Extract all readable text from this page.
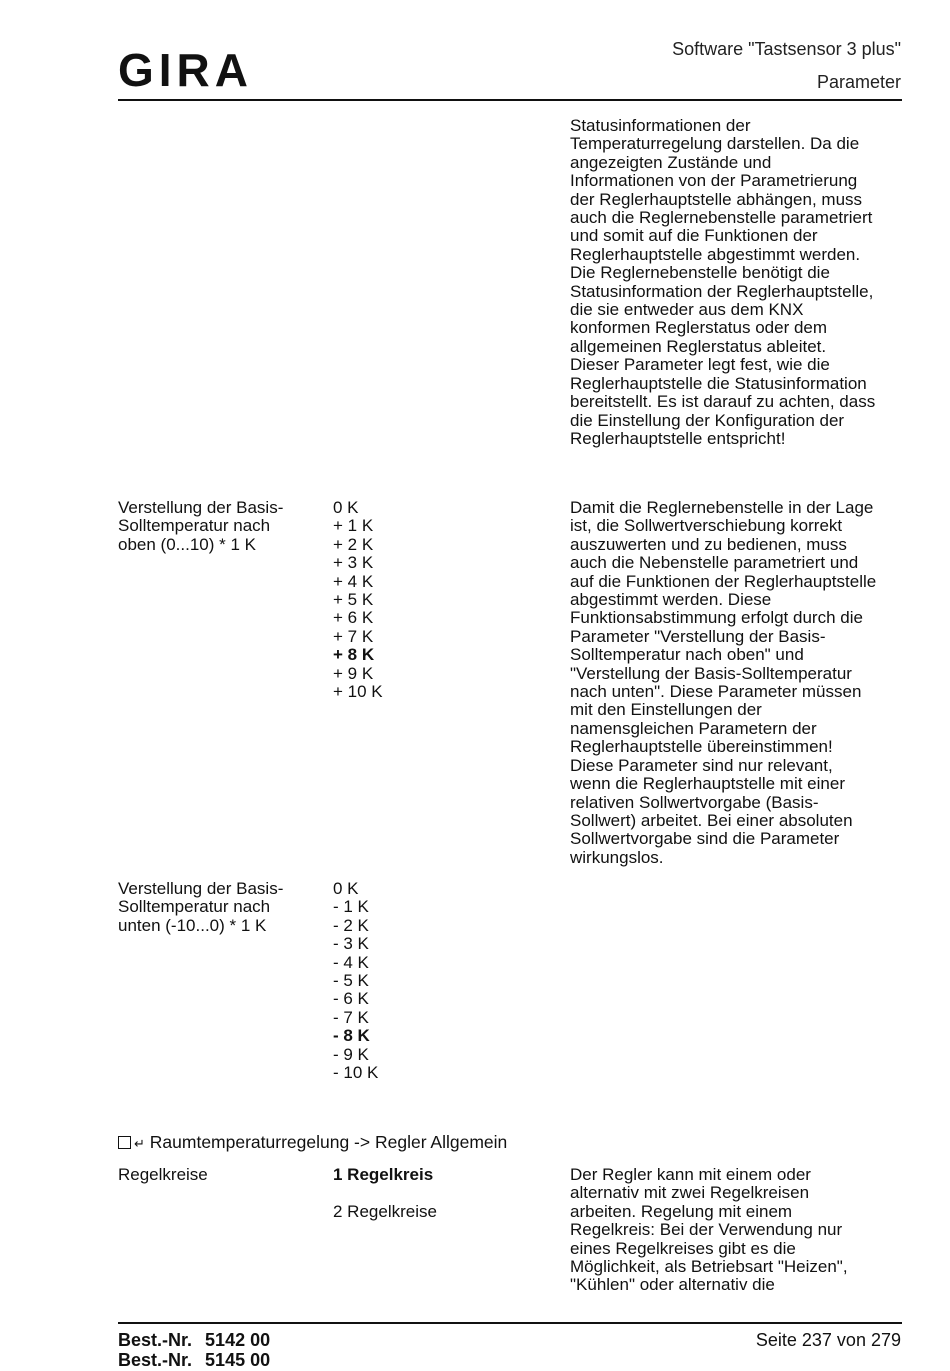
GIRA	Software "Tastsensor 3 plus"
Parameter
Statusinformationen der
Temperaturregelung darstellen. Da die
angezeigten Zustände und
Informationen von der Parametrierung
der Reglerhauptstelle abhängen, muss
auch die Reglernebenstelle parametriert
und somit auf die Funktionen der
Reglerhauptstelle abgestimmt werden.
Die Reglernebenstelle benötigt die
Statusinformation der Reglerhauptstelle,
die sie entweder aus dem KNX
konformen Reglerstatus oder dem
allgemeinen Reglerstatus ableitet.
Dieser Parameter legt fest, wie die
Reglerhauptstelle die Statusinformation
bereitstellt. Es ist darauf zu achten, dass
die Einstellung der Konfiguration der
Reglerhauptstelle entspricht!
Verstellung der Basis-
Solltemperatur nach
oben (0...10) * 1 K
0 K
+ 1 K
+ 2 K
+ 3 K
+ 4 K
+ 5 K
+ 6 K
+ 7 K
+ 8 K
+ 9 K
+ 10 K
Damit die Reglernebenstelle in der Lage
ist, die Sollwertverschiebung korrekt
auszuwerten und zu bedienen, muss
auch die Nebenstelle parametriert und
auf die Funktionen der Reglerhauptstelle
abgestimmt werden. Diese
Funktionsabstimmung erfolgt durch die
Parameter "Verstellung der Basis-
Solltemperatur nach oben" und
"Verstellung der Basis-Solltemperatur
nach unten". Diese Parameter müssen
mit den Einstellungen der
namensgleichen Parametern der
Reglerhauptstelle übereinstimmen!
Diese Parameter sind nur relevant,
wenn die Reglerhauptstelle mit einer
relativen Sollwertvorgabe (Basis-
Sollwert) arbeitet. Bei einer absoluten
Sollwertvorgabe sind die Parameter
wirkungslos.
Verstellung der Basis-
Solltemperatur nach
unten (-10...0) * 1 K
0 K
- 1 K
- 2 K
- 3 K
- 4 K
- 5 K
- 6 K
- 7 K
- 8 K
- 9 K
- 10 K
↵ Raumtemperaturregelung -> Regler Allgemein
Regelkreise	1 Regelkreis
2 Regelkreise
Der Regler kann mit einem oder
alternativ mit zwei Regelkreisen
arbeiten. Regelung mit einem
Regelkreis: Bei der Verwendung nur
eines Regelkreises gibt es die
Möglichkeit, als Betriebsart "Heizen",
"Kühlen" oder alternativ die
Best.-Nr. 5142 00
Best.-Nr. 5145 00
Seite 237 von 279
